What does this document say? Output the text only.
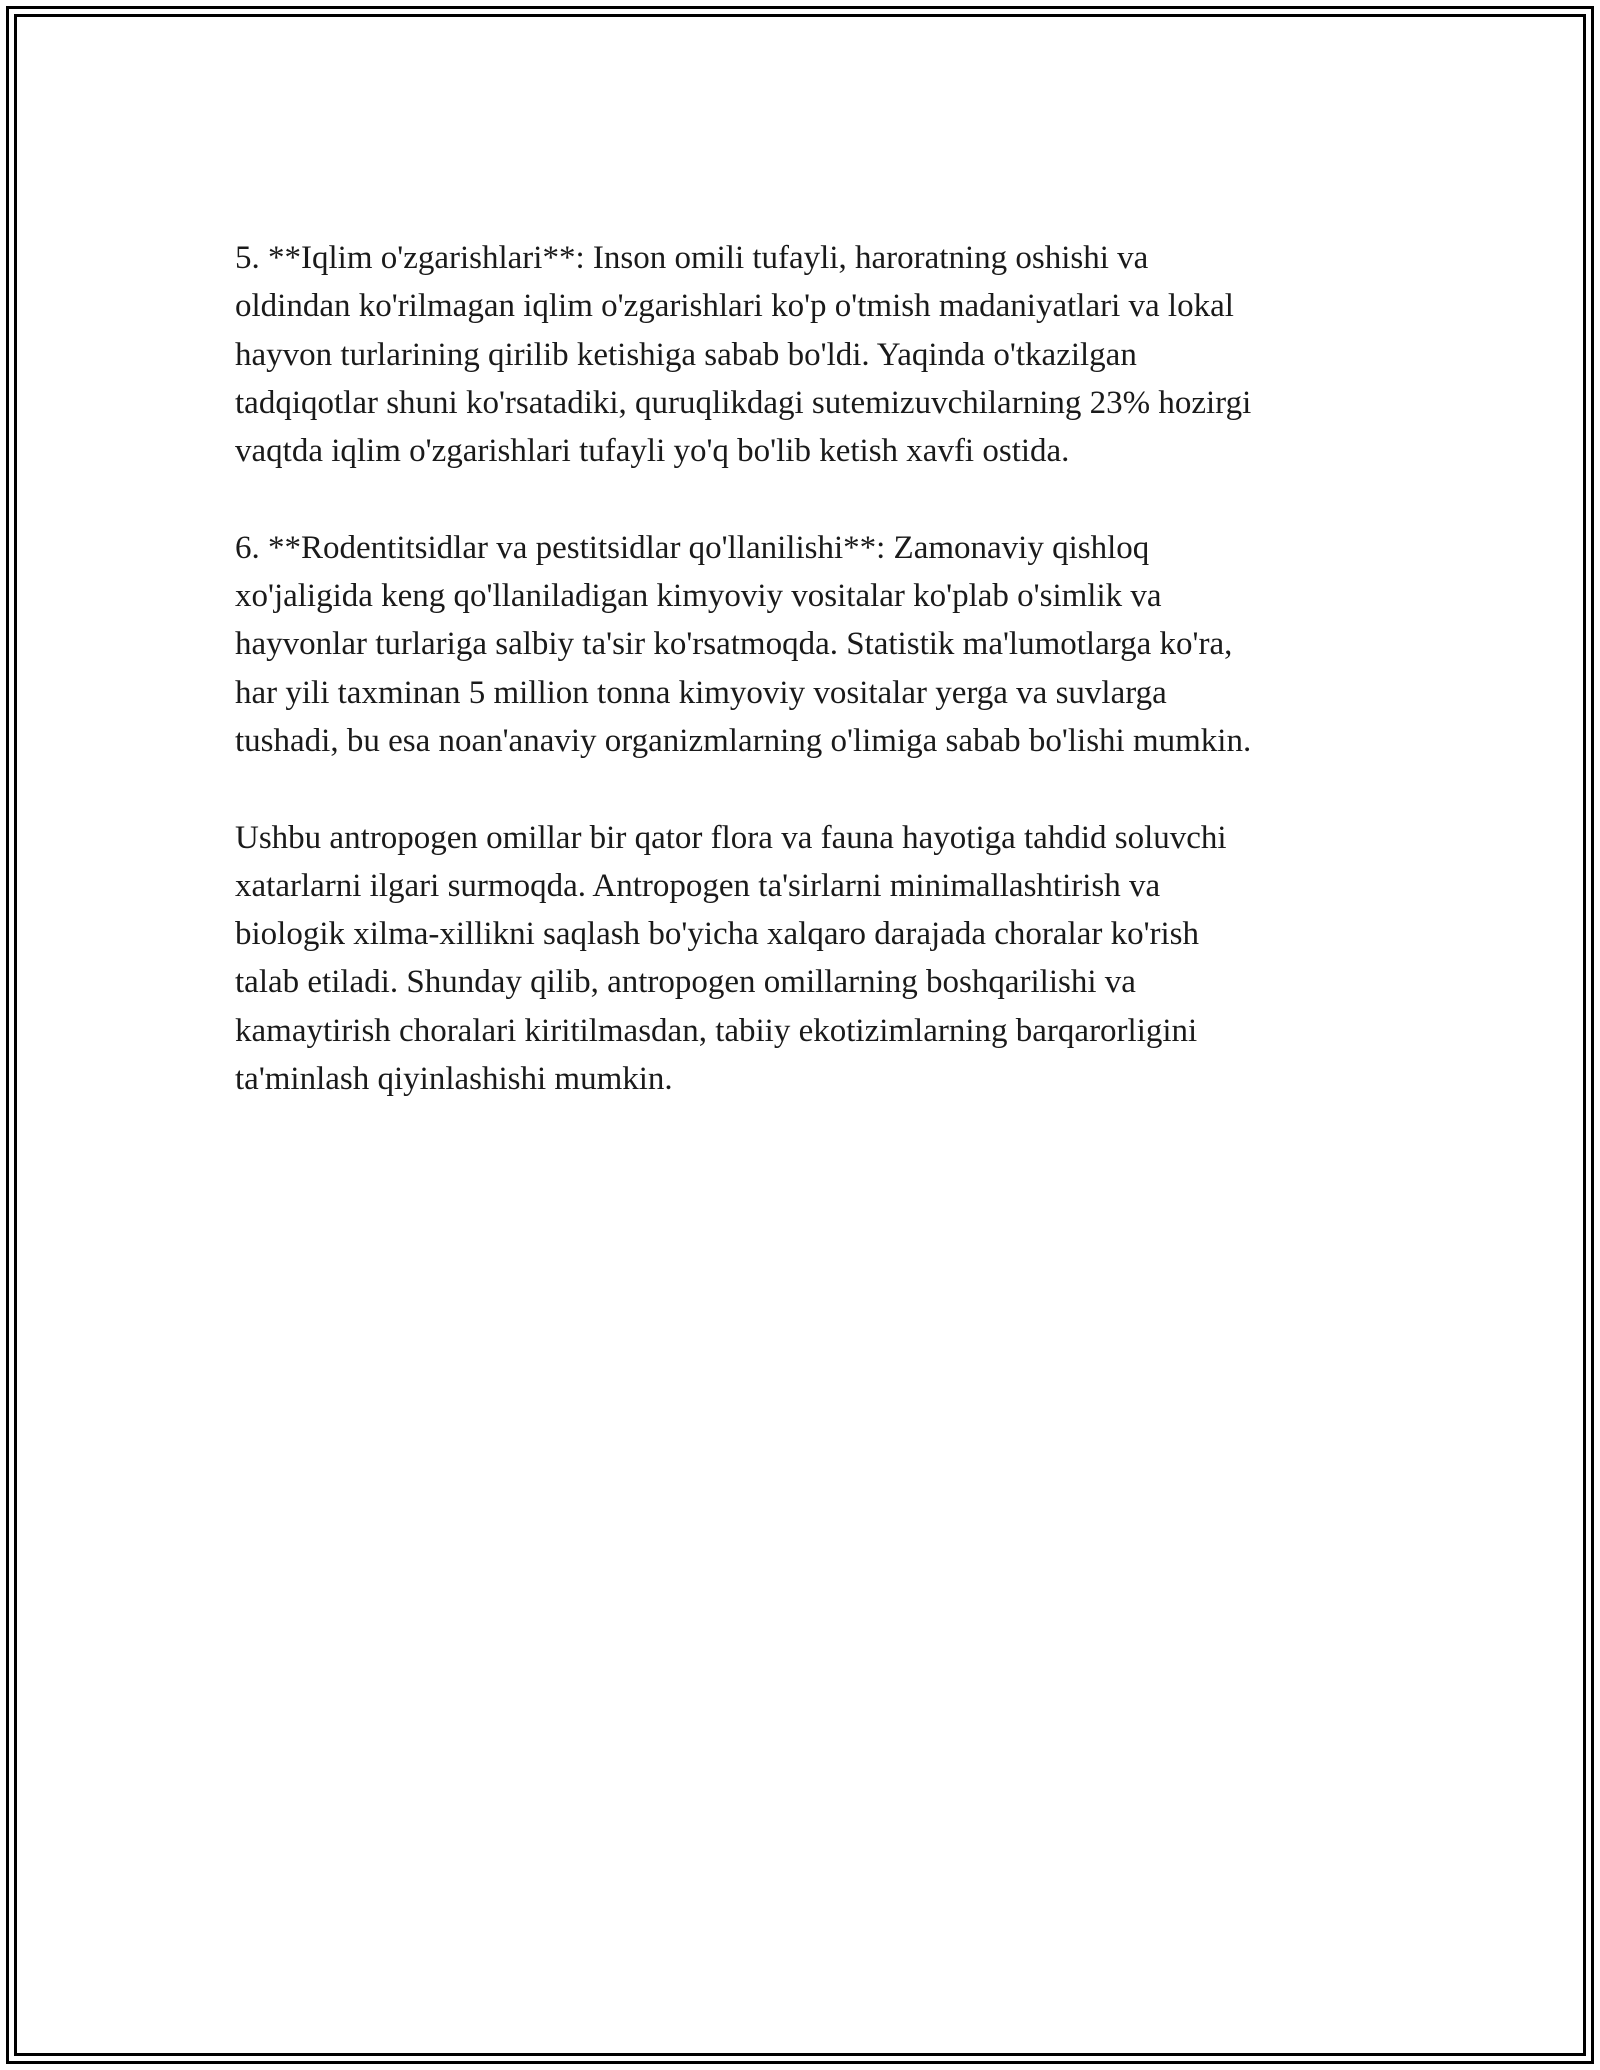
5. **Iqlim o'zgarishlari**: Inson omili tufayli, haroratning oshishi va
oldindan ko'rilmagan iqlim o'zgarishlari ko'p o'tmish madaniyatlari va lokal
hayvon turlarining qirilib ketishiga sabab bo'ldi. Yaqinda o'tkazilgan
tadqiqotlar shuni ko'rsatadiki, quruqlikdagi sutemizuvchilarning 23% hozirgi
vaqtda iqlim o'zgarishlari tufayli yo'q bo'lib ketish xavfi ostida.

6. **Rodentitsidlar va pestitsidlar qo'llanilishi**: Zamonaviy qishloq
xo'jaligida keng qo'llaniladigan kimyoviy vositalar ko'plab o'simlik va
hayvonlar turlariga salbiy ta'sir ko'rsatmoqda. Statistik ma'lumotlarga ko'ra,
har yili taxminan 5 million tonna kimyoviy vositalar yerga va suvlarga
tushadi, bu esa noan'anaviy organizmlarning o'limiga sabab bo'lishi mumkin.

Ushbu antropogen omillar bir qator flora va fauna hayotiga tahdid soluvchi
xatarlarni ilgari surmoqda. Antropogen ta'sirlarni minimallashtirish va
biologik xilma-xillikni saqlash bo'yicha xalqaro darajada choralar ko'rish
talab etiladi. Shunday qilib, antropogen omillarning boshqarilishi va
kamaytirish choralari kiritilmasdan, tabiiy ekotizimlarning barqarorligini
ta'minlash qiyinlashishi mumkin.
